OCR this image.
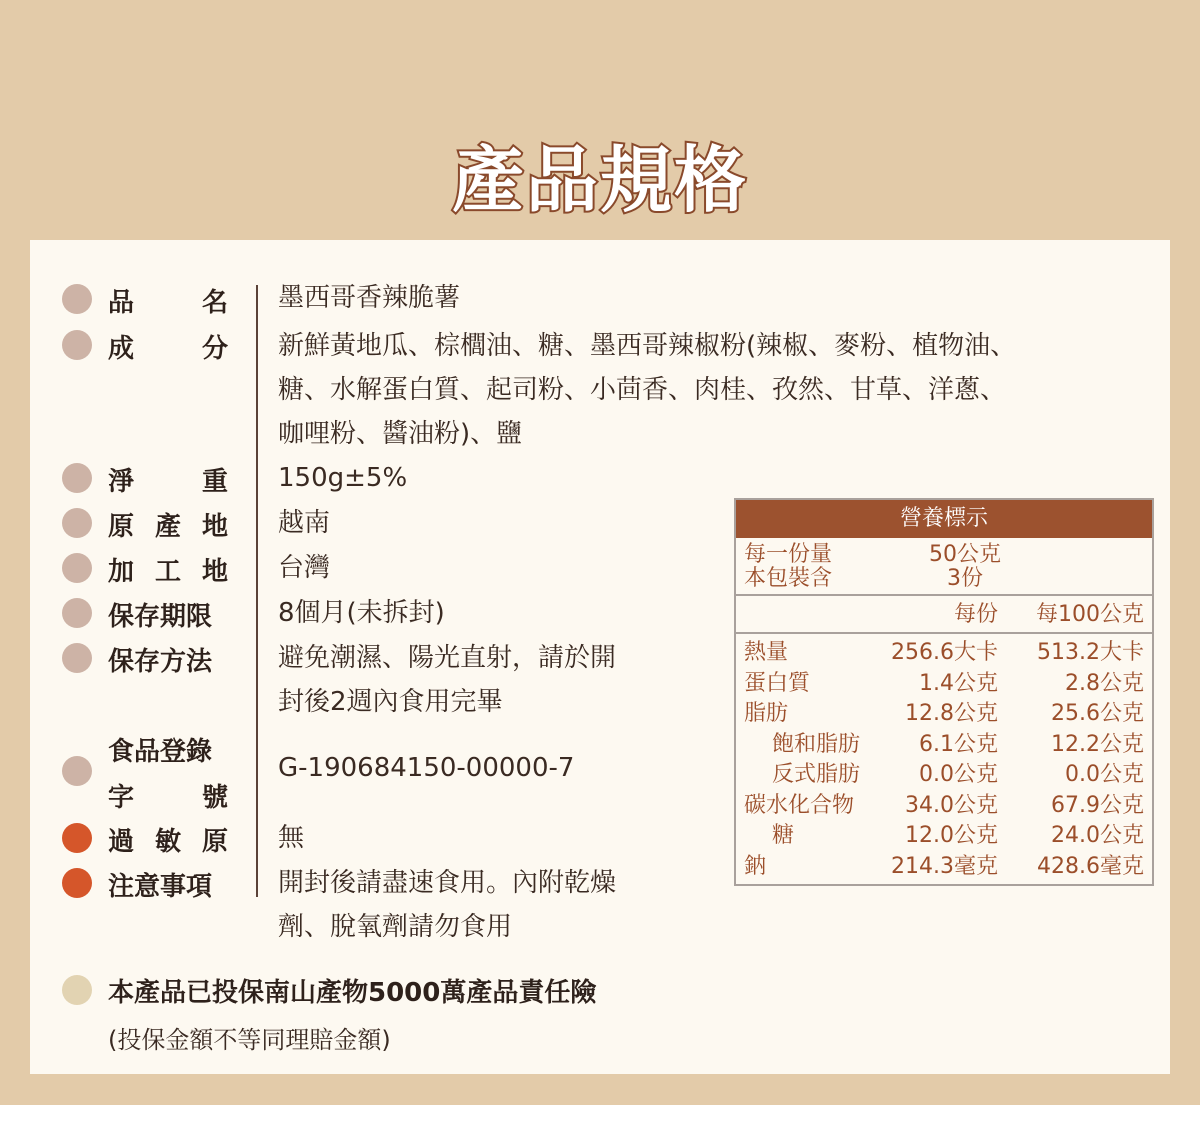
產品規格
品	名 墨西哥香辣脆薯
成	分 新鮮黃地瓜、棕櫚油、糖、墨西哥辣椒粉(辣椒、麥粉、植物油、
糖、水解蛋白質、起司粉、小茴香、肉桂、孜然、甘草、洋蔥、
咖哩粉、醬油粉)、鹽
淨	重 150g±5%
原 產 地 越南
加 工 地 台灣
保存期限	8個月(未拆封)
保存方法	避免潮濕、陽光直射，請於開
封後2週內食用完畢
食品登錄
字	號
G-190684150-00000-7
過 敏 原 無
注意事項	開封後請盡速食用。內附乾燥
劑、脫氧劑請勿食用
本產品已投保南山產物5000萬產品責任險
(投保金額不等同理賠金額)
營養標示
每一份量	50公克
本包裝含	3份
每份 每100公克
熱量	256.6大卡 513.2大卡
蛋白質	1.4公克	2.8公克
脂肪	12.8公克 25.6公克
飽和脂肪	6.1公克 12.2公克
反式脂肪	0.0公克	0.0公克
碳水化合物 34.0公克 67.9公克
糖	12.0公克 24.0公克
鈉	214.3毫克 428.6毫克
